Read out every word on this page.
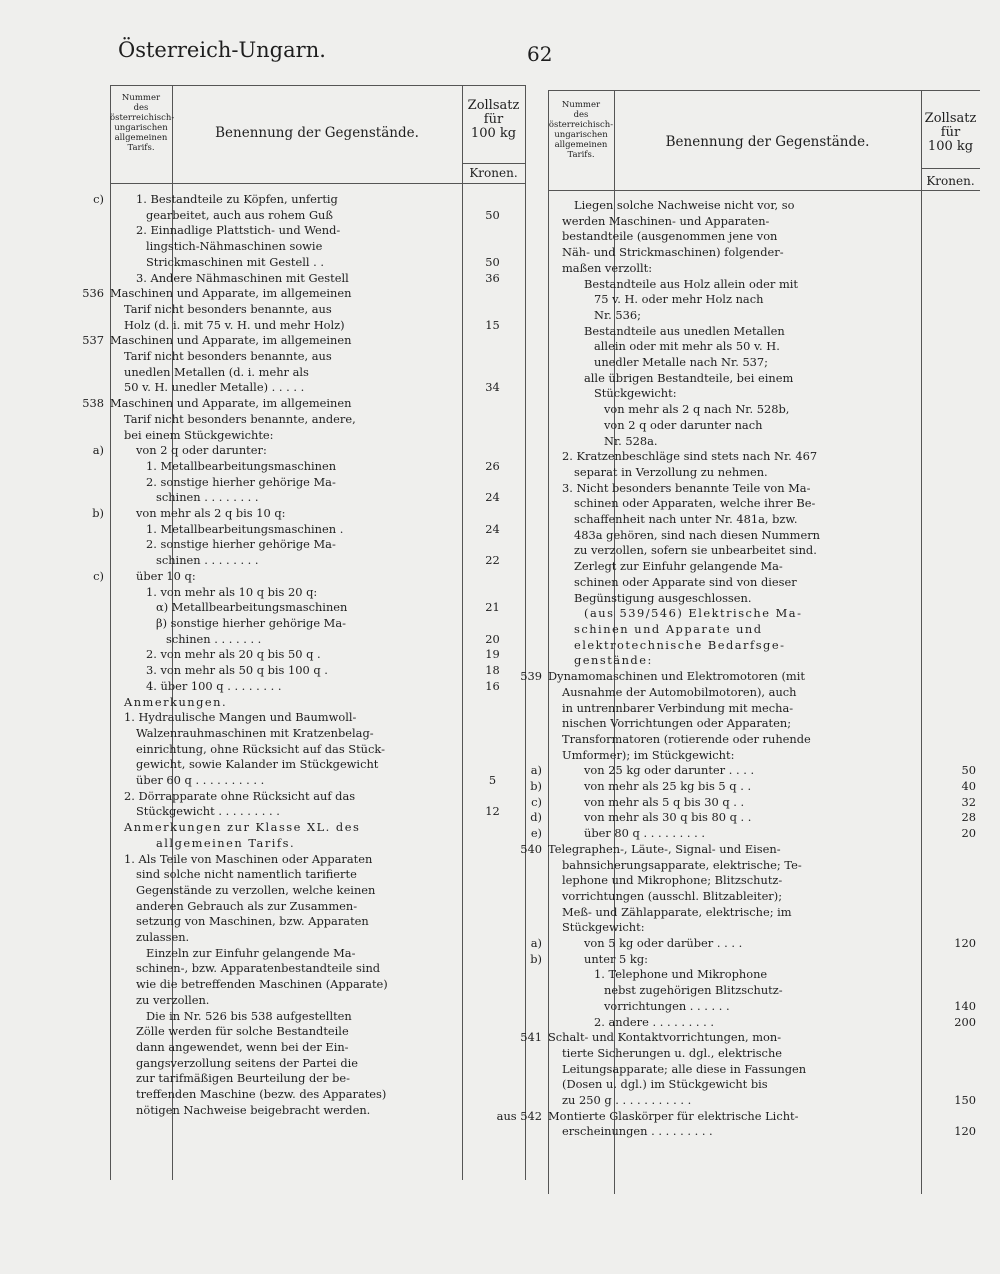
Österreich-Ungarn.	62
Nummer
des
österreichisch-
ungarischen
allgemeinen
Tarifs.
Benennung der Gegenstände.
Zollsatz
für
100 kg
Kronen.
c)	1. Bestandteile zu Köpfen, unfertig
gearbeitet, auch aus rohem Guß	50
2. Einnadlige Plattstich- und Wend-
lingstich-Nähmaschinen sowie
Strickmaschinen mit Gestell . .	50
3. Andere Nähmaschinen mit Gestell	36
536 Maschinen und Apparate, im allgemeinen
Tarif nicht besonders benannte, aus
Holz (d. i. mit 75 v. H. und mehr Holz)	15
537 Maschinen und Apparate, im allgemeinen
Tarif nicht besonders benannte, aus
unedlen Metallen (d. i. mehr als
50 v. H. unedler Metalle) . . . . .	34
538 Maschinen und Apparate, im allgemeinen
Tarif nicht besonders benannte, andere,
bei einem Stückgewichte:
a)	von 2 q oder darunter:
1. Metallbearbeitungsmaschinen	26
2. sonstige hierher gehörige Ma-
schinen . . . . . . . .	24
b)	von mehr als 2 q bis 10 q:
1. Metallbearbeitungsmaschinen .	24
2. sonstige hierher gehörige Ma-
schinen . . . . . . . .	22
c)	über 10 q:
1. von mehr als 10 q bis 20 q:
α) Metallbearbeitungsmaschinen	21
β) sonstige hierher gehörige Ma-
schinen . . . . . . .	20
2. von mehr als 20 q bis 50 q .	19
3. von mehr als 50 q bis 100 q .	18
4. über 100 q . . . . . . . .	16
Anmerkungen.
1. Hydraulische Mangen und Baumwoll-
Walzenrauhmaschinen mit Kratzenbelag-
einrichtung, ohne Rücksicht auf das Stück-
gewicht, sowie Kalander im Stückgewicht
über 60 q . . . . . . . . . .	5
2. Dörrapparate ohne Rücksicht auf das
Stückgewicht . . . . . . . . .	12
Anmerkungen zur Klasse XL. des
allgemeinen Tarifs.
1. Als Teile von Maschinen oder Apparaten
sind solche nicht namentlich tarifierte
Gegenstände zu verzollen, welche keinen
anderen Gebrauch als zur Zusammen-
setzung von Maschinen, bzw. Apparaten
zulassen.
Einzeln zur Einfuhr gelangende Ma-
schinen-, bzw. Apparatenbestandteile sind
wie die betreffenden Maschinen (Apparate)
zu verzollen.
Die in Nr. 526 bis 538 aufgestellten
Zölle werden für solche Bestandteile
dann angewendet, wenn bei der Ein-
gangsverzollung seitens der Partei die
zur tarifmäßigen Beurteilung der be-
treffenden Maschine (bezw. des Apparates)
nötigen Nachweise beigebracht werden.
Nummer
des
österreichisch-
ungarischen
allgemeinen
Tarifs.
Benennung der Gegenstände.
Zollsatz
für
100 kg
Kronen.
Liegen solche Nachweise nicht vor, so
werden Maschinen- und Apparaten-
bestandteile (ausgenommen jene von
Näh- und Strickmaschinen) folgender-
maßen verzollt:
Bestandteile aus Holz allein oder mit
75 v. H. oder mehr Holz nach
Nr. 536;
Bestandteile aus unedlen Metallen
allein oder mit mehr als 50 v. H.
unedler Metalle nach Nr. 537;
alle übrigen Bestandteile, bei einem
Stückgewicht:
von mehr als 2 q nach Nr. 528b,
von 2 q oder darunter nach
Nr. 528a.
2. Kratzenbeschläge sind stets nach Nr. 467
separat in Verzollung zu nehmen.
3. Nicht besonders benannte Teile von Ma-
schinen oder Apparaten, welche ihrer Be-
schaffenheit nach unter Nr. 481a, bzw.
483a gehören, sind nach diesen Nummern
zu verzollen, sofern sie unbearbeitet sind.
Zerlegt zur Einfuhr gelangende Ma-
schinen oder Apparate sind von dieser
Begünstigung ausgeschlossen.
(aus 539/546) Elektrische Ma-
schinen und Apparate und
elektrotechnische Bedarfsge-
genstände:
539 Dynamomaschinen und Elektromotoren (mit
Ausnahme der Automobilmotoren), auch
in untrennbarer Verbindung mit mecha-
nischen Vorrichtungen oder Apparaten;
Transformatoren (rotierende oder ruhende
Umformer); im Stückgewicht:
a)	von 25 kg oder darunter . . . .	50
b)	von mehr als 25 kg bis 5 q . .	40
c)	von mehr als 5 q bis 30 q . .	32
d)	von mehr als 30 q bis 80 q . .	28
e)	über 80 q . . . . . . . . .	20
540 Telegraphen-, Läute-, Signal- und Eisen-
bahnsicherungsapparate, elektrische; Te-
lephone und Mikrophone; Blitzschutz-
vorrichtungen (ausschl. Blitzableiter);
Meß- und Zählapparate, elektrische; im
Stückgewicht:
a)	von 5 kg oder darüber . . . .	120
b)	unter 5 kg:
1. Telephone und Mikrophone
nebst zugehörigen Blitzschutz-
vorrichtungen . . . . . .	140
2. andere . . . . . . . . .	200
541 Schalt- und Kontaktvorrichtungen, mon-
tierte Sicherungen u. dgl., elektrische
Leitungsapparate; alle diese in Fassungen
(Dosen u. dgl.) im Stückgewicht bis
zu 250 g . . . . . . . . . . .	150
aus 542 Montierte Glaskörper für elektrische Licht-
erscheinungen . . . . . . . . .	120
